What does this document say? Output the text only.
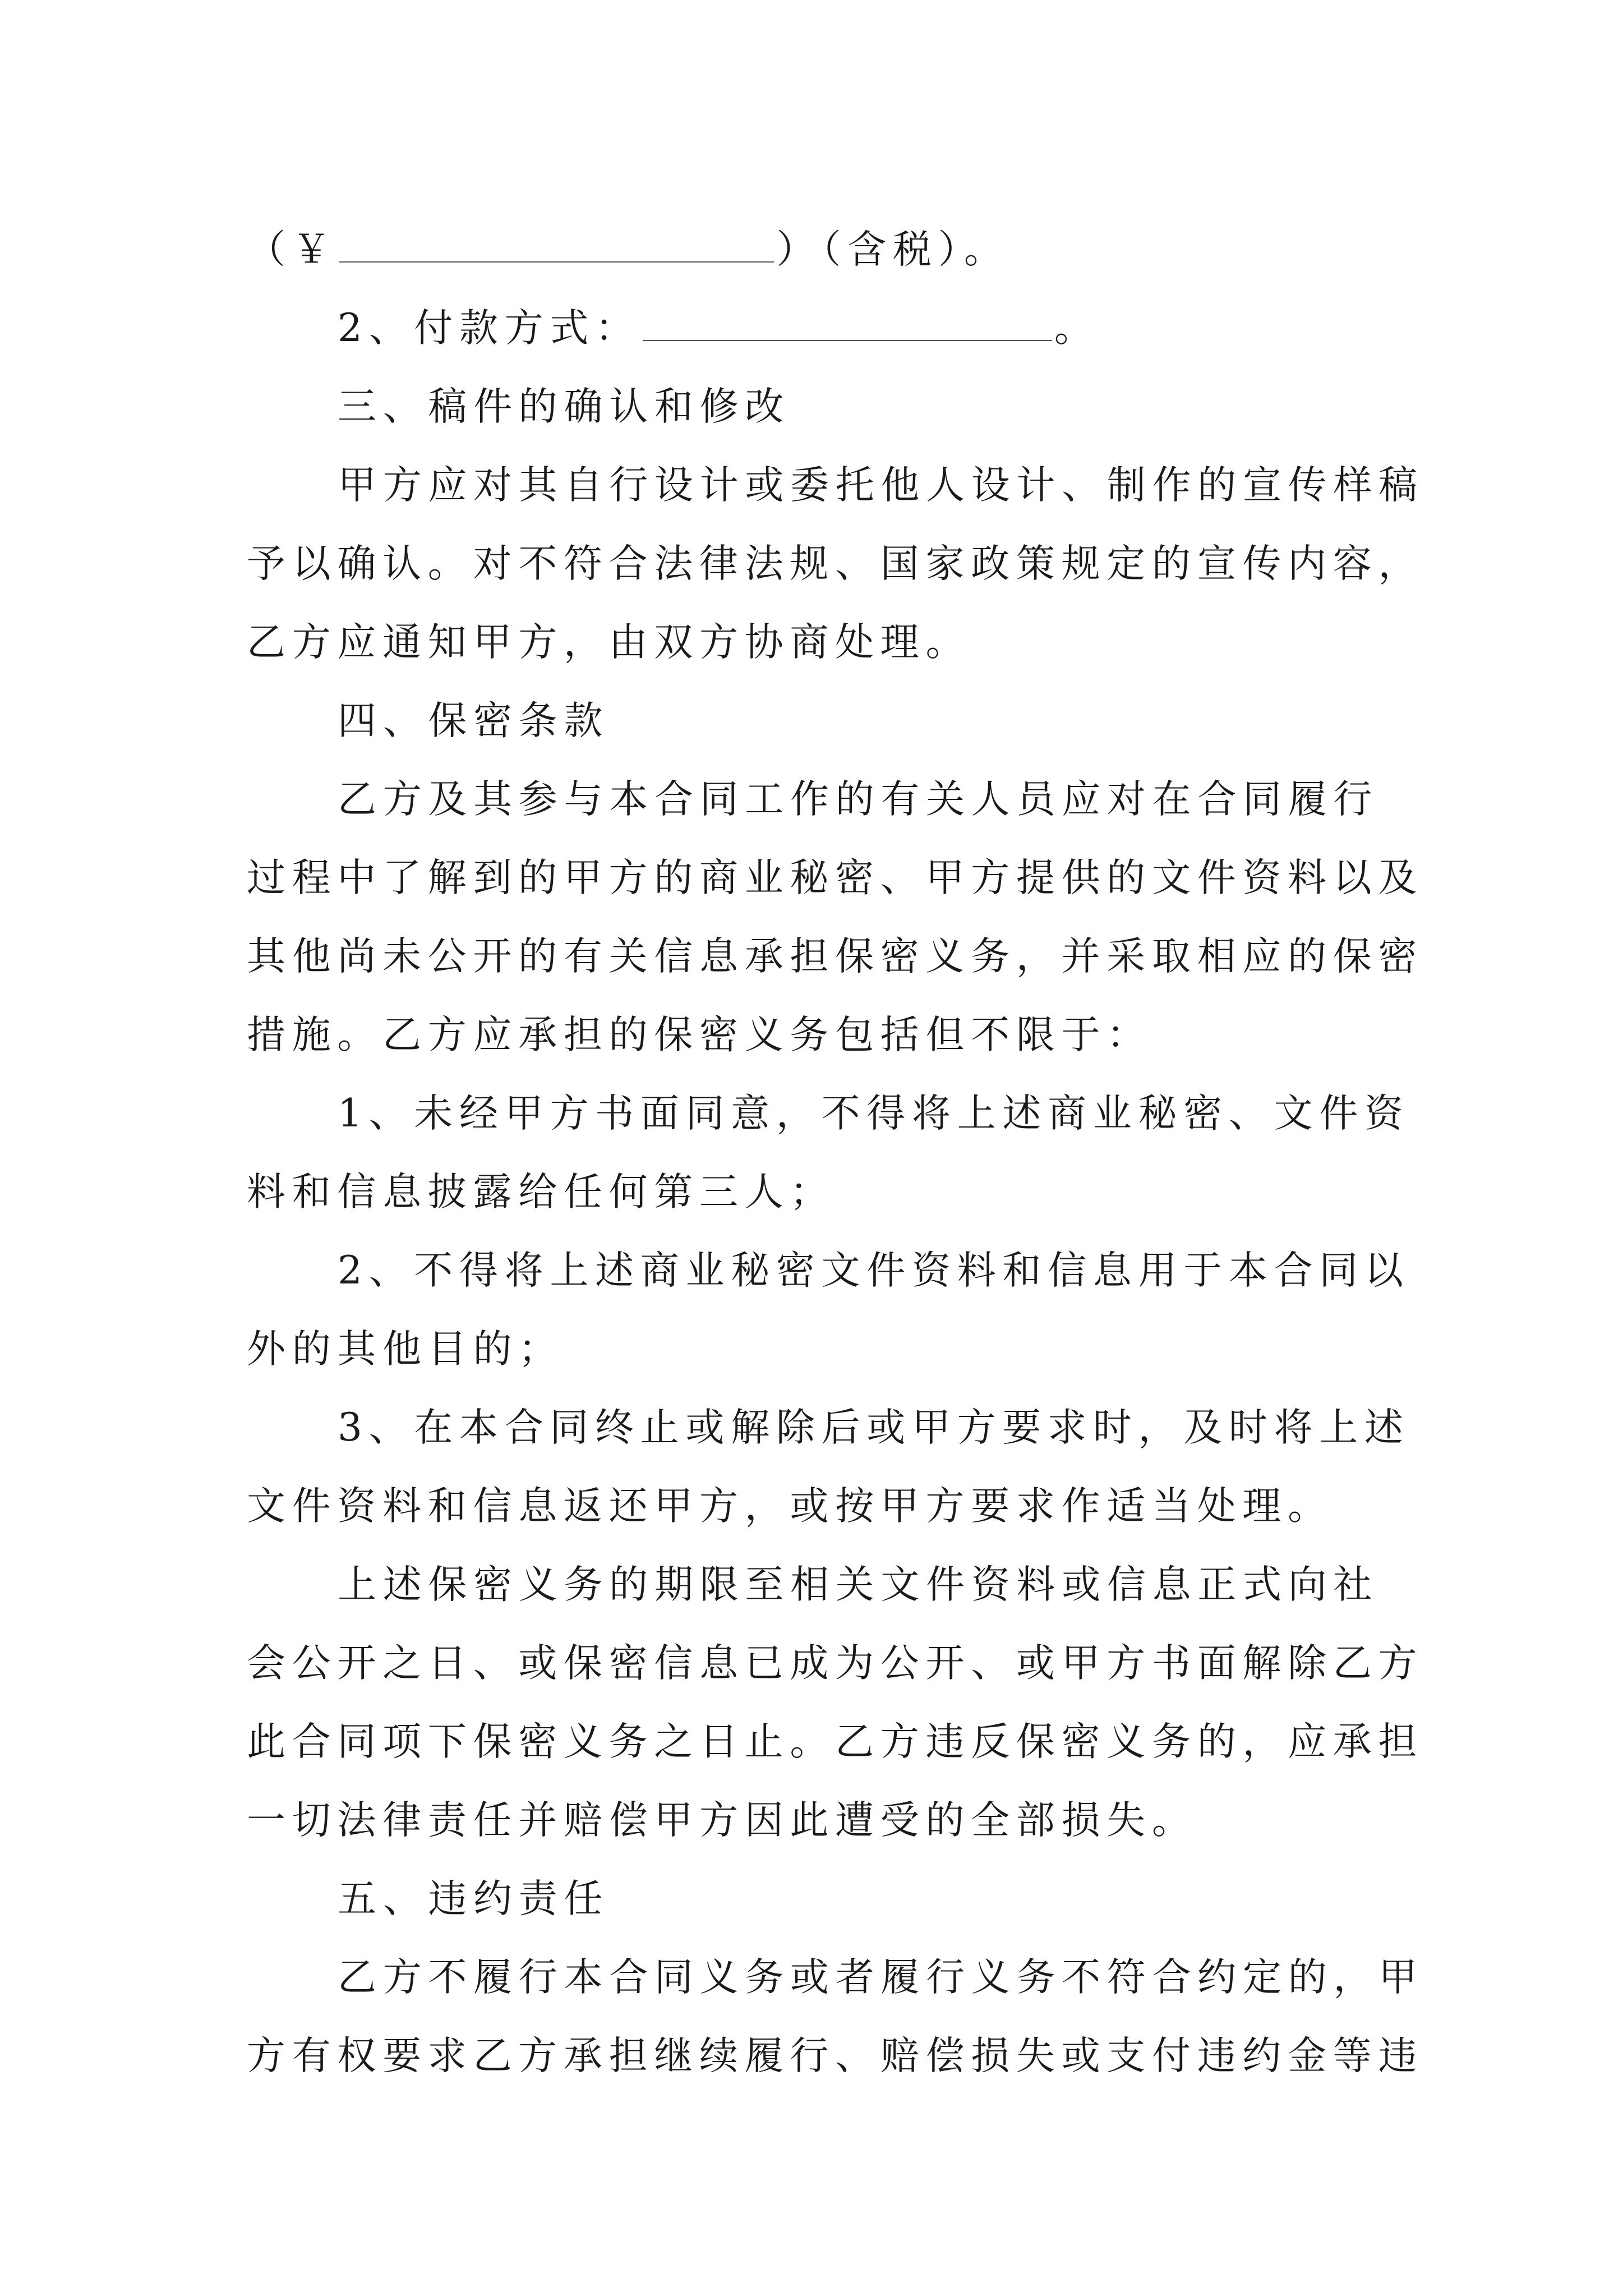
（￥	）（含税）。
2、付款方式：	。
三、稿件的确认和修改
甲方应对其自行设计或委托他人设计、制作的宣传样稿
予以确认。对不符合法律法规、国家政策规定的宣传内容，
乙方应通知甲方，由双方协商处理。
四、保密条款
乙方及其参与本合同工作的有关人员应对在合同履行
过程中了解到的甲方的商业秘密、甲方提供的文件资料以及
其他尚未公开的有关信息承担保密义务，并采取相应的保密
措施。乙方应承担的保密义务包括但不限于：
1、未经甲方书面同意，不得将上述商业秘密、文件资
料和信息披露给任何第三人；
2、不得将上述商业秘密文件资料和信息用于本合同以
外的其他目的；
3、在本合同终止或解除后或甲方要求时，及时将上述
文件资料和信息返还甲方，或按甲方要求作适当处理。
上述保密义务的期限至相关文件资料或信息正式向社
会公开之日、或保密信息已成为公开、或甲方书面解除乙方
此合同项下保密义务之日止。乙方违反保密义务的，应承担
一切法律责任并赔偿甲方因此遭受的全部损失。
五、违约责任
乙方不履行本合同义务或者履行义务不符合约定的，甲
方有权要求乙方承担继续履行、赔偿损失或支付违约金等违
